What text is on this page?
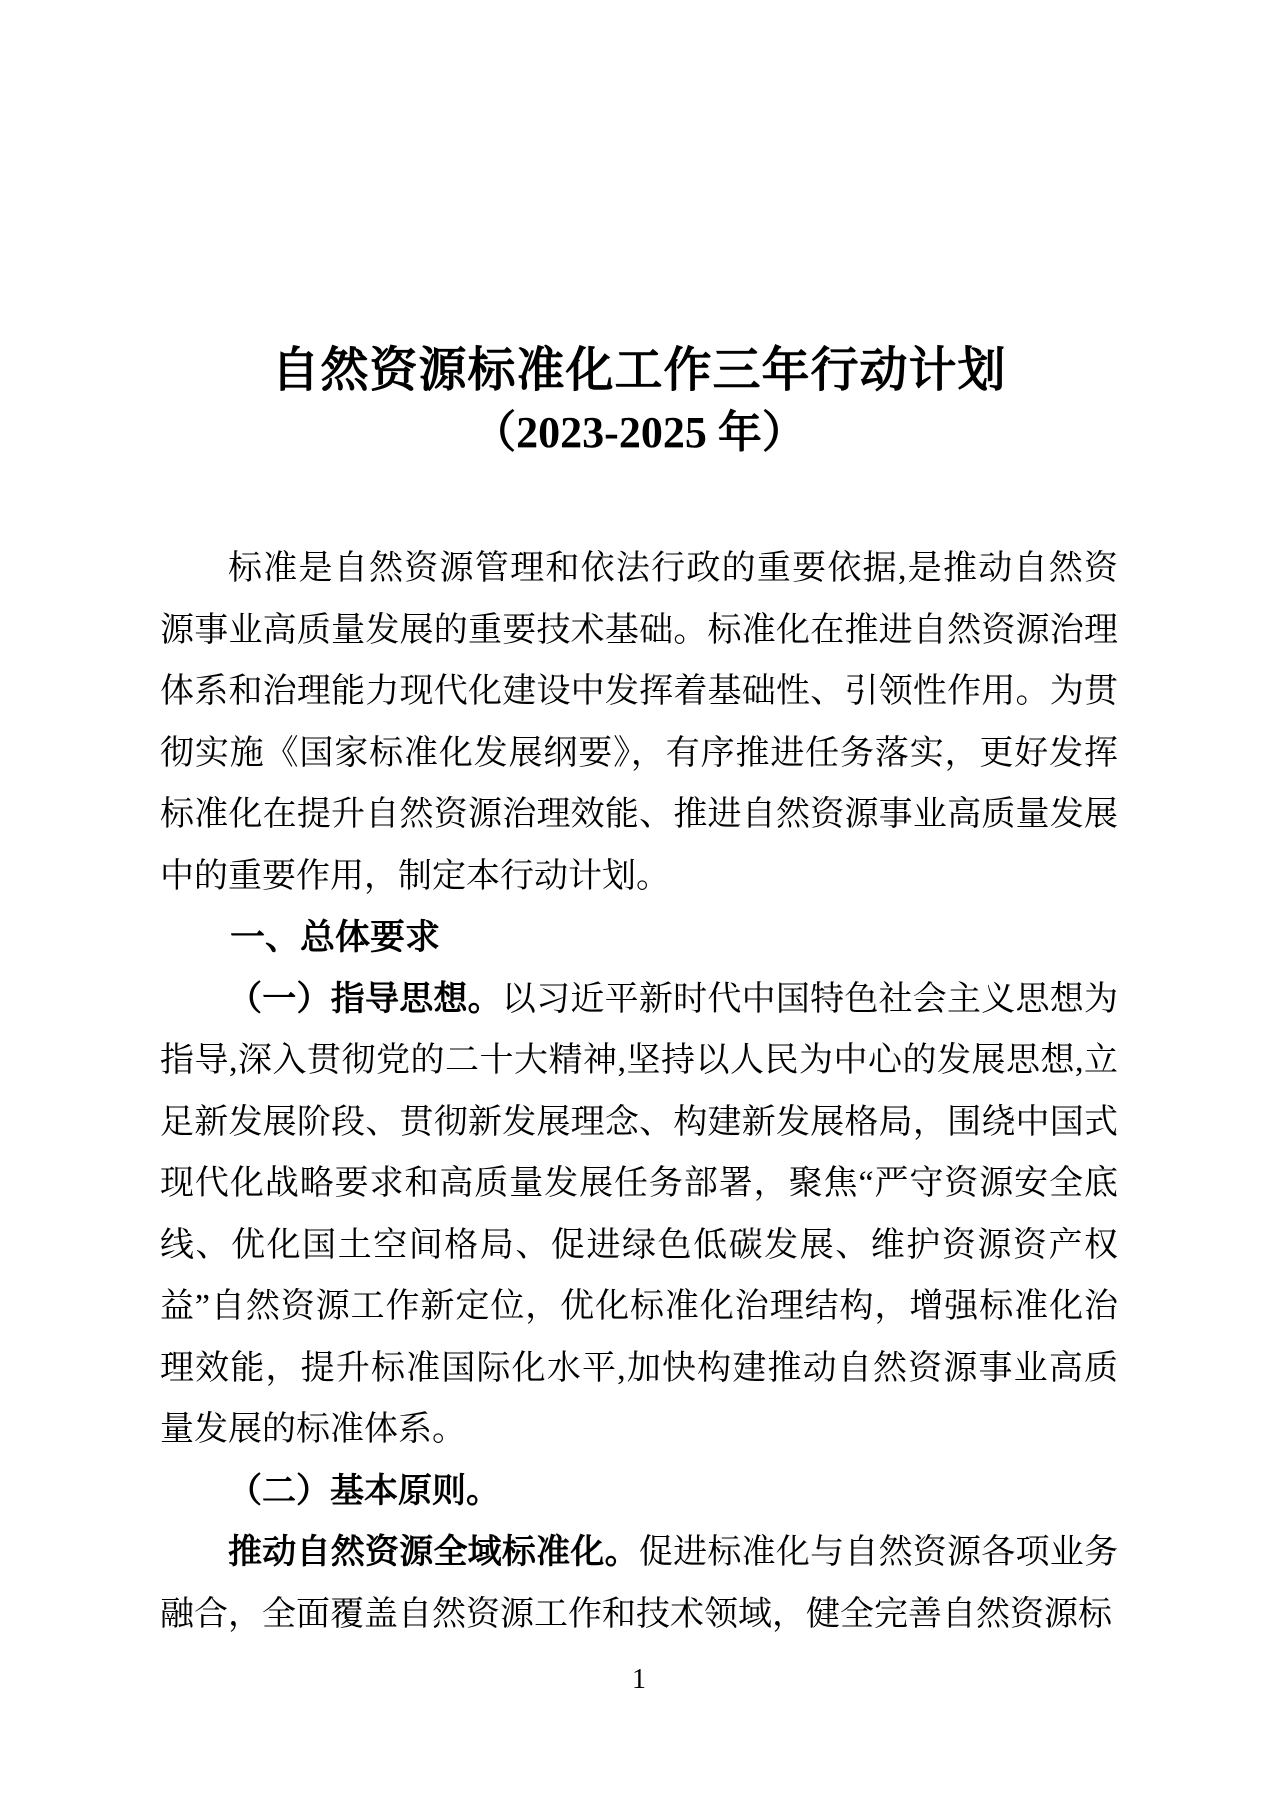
自然资源标准化工作三年行动计划
（2023-2025 年）

标准是自然资源管理和依法行政的重要依据,是推动自然资源事业高质量发展的重要技术基础。标准化在推进自然资源治理体系和治理能力现代化建设中发挥着基础性、引领性作用。为贯彻实施《国家标准化发展纲要》，有序推进任务落实，更好发挥标准化在提升自然资源治理效能、推进自然资源事业高质量发展中的重要作用，制定本行动计划。

一、总体要求

（一）指导思想。以习近平新时代中国特色社会主义思想为指导,深入贯彻党的二十大精神,坚持以人民为中心的发展思想,立足新发展阶段、贯彻新发展理念、构建新发展格局，围绕中国式现代化战略要求和高质量发展任务部署，聚焦“严守资源安全底线、优化国土空间格局、促进绿色低碳发展、维护资源资产权益”自然资源工作新定位，优化标准化治理结构，增强标准化治理效能，提升标准国际化水平,加快构建推动自然资源事业高质量发展的标准体系。

（二）基本原则。

推动自然资源全域标准化。促进标准化与自然资源各项业务融合，全面覆盖自然资源工作和技术领域，健全完善自然资源标

1
